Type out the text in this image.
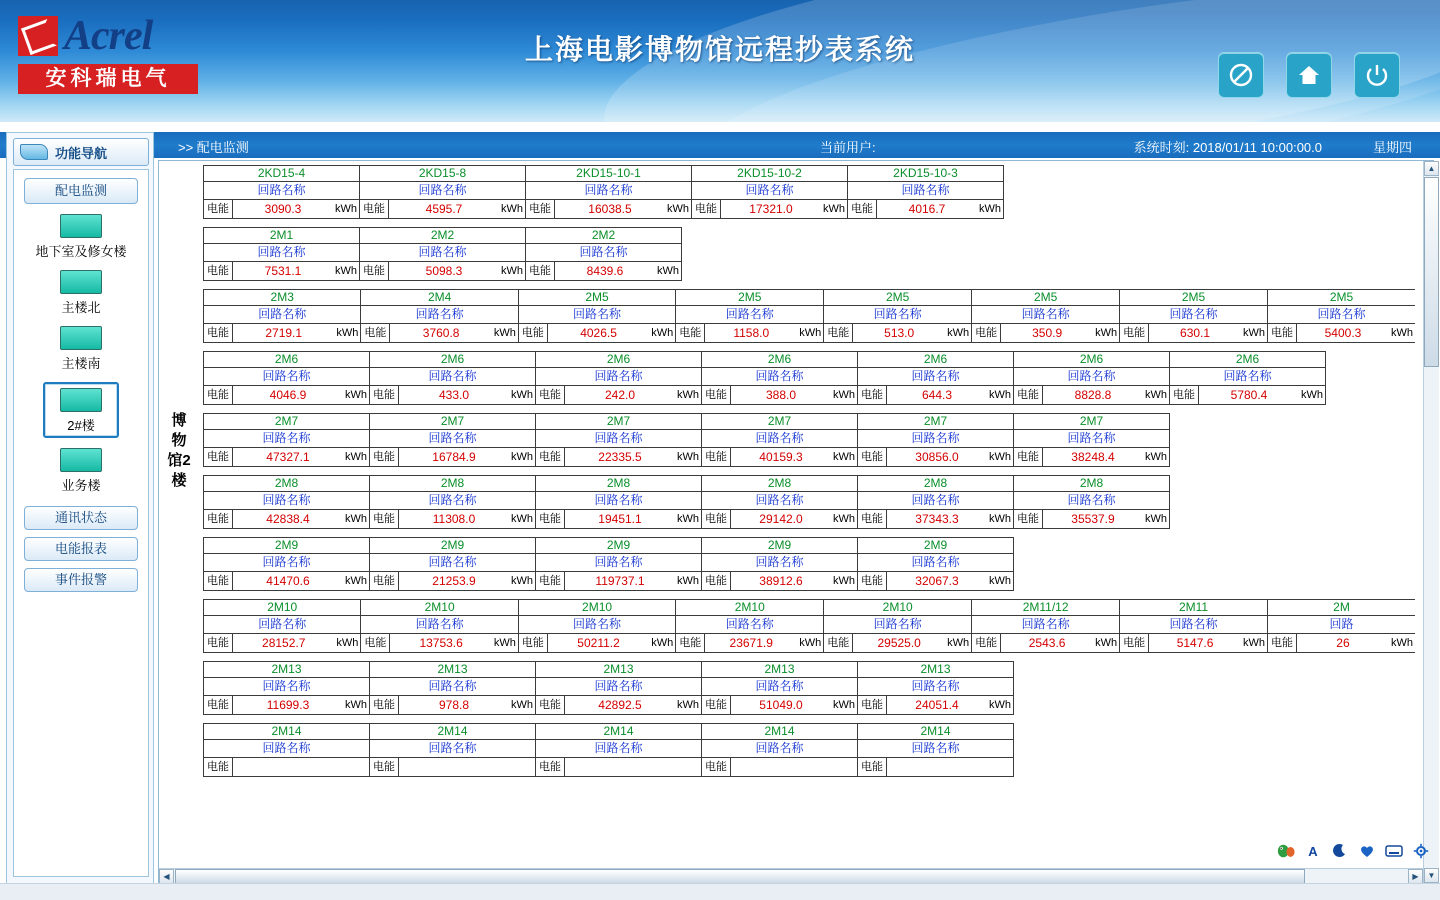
Acrel
安科瑞电气
上海电影博物馆远程抄表系统
>> 配电监测	当前用户:	系统时刻: 2018/01/11 10:00:00.0	星期四
功能导航
配电监测
地下室及修女楼
主楼北
主楼南
2#楼
业务楼
通讯状态
电能报表
事件报警
博物馆2楼
2KD15-4
回路名称
电能	3090.3	kWh
2KD15-8
回路名称
电能	4595.7	kWh
2KD15-10-1
回路名称
电能	16038.5	kWh
2KD15-10-2
回路名称
电能	17321.0	kWh
2KD15-10-3
回路名称
电能	4016.7	kWh
2M1
回路名称
电能	7531.1	kWh
2M2
回路名称
电能	5098.3	kWh
2M2
回路名称
电能	8439.6	kWh
2M3
回路名称
电能	2719.1	kWh
2M4
回路名称
电能	3760.8	kWh
2M5
回路名称
电能	4026.5	kWh
2M5
回路名称
电能	1158.0	kWh
2M5
回路名称
电能	513.0	kWh
2M5
回路名称
电能	350.9	kWh
2M5
回路名称
电能	630.1	kWh
2M5
回路名称
电能	5400.3	kWh
2M6
回路名称
电能	4046.9	kWh
2M6
回路名称
电能	433.0	kWh
2M6
回路名称
电能	242.0	kWh
2M6
回路名称
电能	388.0	kWh
2M6
回路名称
电能	644.3	kWh
2M6
回路名称
电能	8828.8	kWh
2M6
回路名称
电能	5780.4	kWh
2M7
回路名称
电能	47327.1	kWh
2M7
回路名称
电能	16784.9	kWh
2M7
回路名称
电能	22335.5	kWh
2M7
回路名称
电能	40159.3	kWh
2M7
回路名称
电能	30856.0	kWh
2M7
回路名称
电能	38248.4	kWh
2M8
回路名称
电能	42838.4	kWh
2M8
回路名称
电能	11308.0	kWh
2M8
回路名称
电能	19451.1	kWh
2M8
回路名称
电能	29142.0	kWh
2M8
回路名称
电能	37343.3	kWh
2M8
回路名称
电能	35537.9	kWh
2M9
回路名称
电能	41470.6	kWh
2M9
回路名称
电能	21253.9	kWh
2M9
回路名称
电能	119737.1	kWh
2M9
回路名称
电能	38912.6	kWh
2M9
回路名称
电能	32067.3	kWh
2M10
回路名称
电能	28152.7	kWh
2M10
回路名称
电能	13753.6	kWh
2M10
回路名称
电能	50211.2	kWh
2M10
回路名称
电能	23671.9	kWh
2M10
回路名称
电能	29525.0	kWh
2M11/12
回路名称
电能	2543.6	kWh
2M11
回路名称
电能	5147.6	kWh
2M
回路
电能	26	kWh
2M13
回路名称
电能	11699.3	kWh
2M13
回路名称
电能	978.8	kWh
2M13
回路名称
电能	42892.5	kWh
2M13
回路名称
电能	51049.0	kWh
2M13
回路名称
电能	24051.4	kWh
2M14
回路名称
电能
2M14
回路名称
电能
2M14
回路名称
电能
2M14
回路名称
电能
2M14
回路名称
电能
▲
▼
◀	▶
A
